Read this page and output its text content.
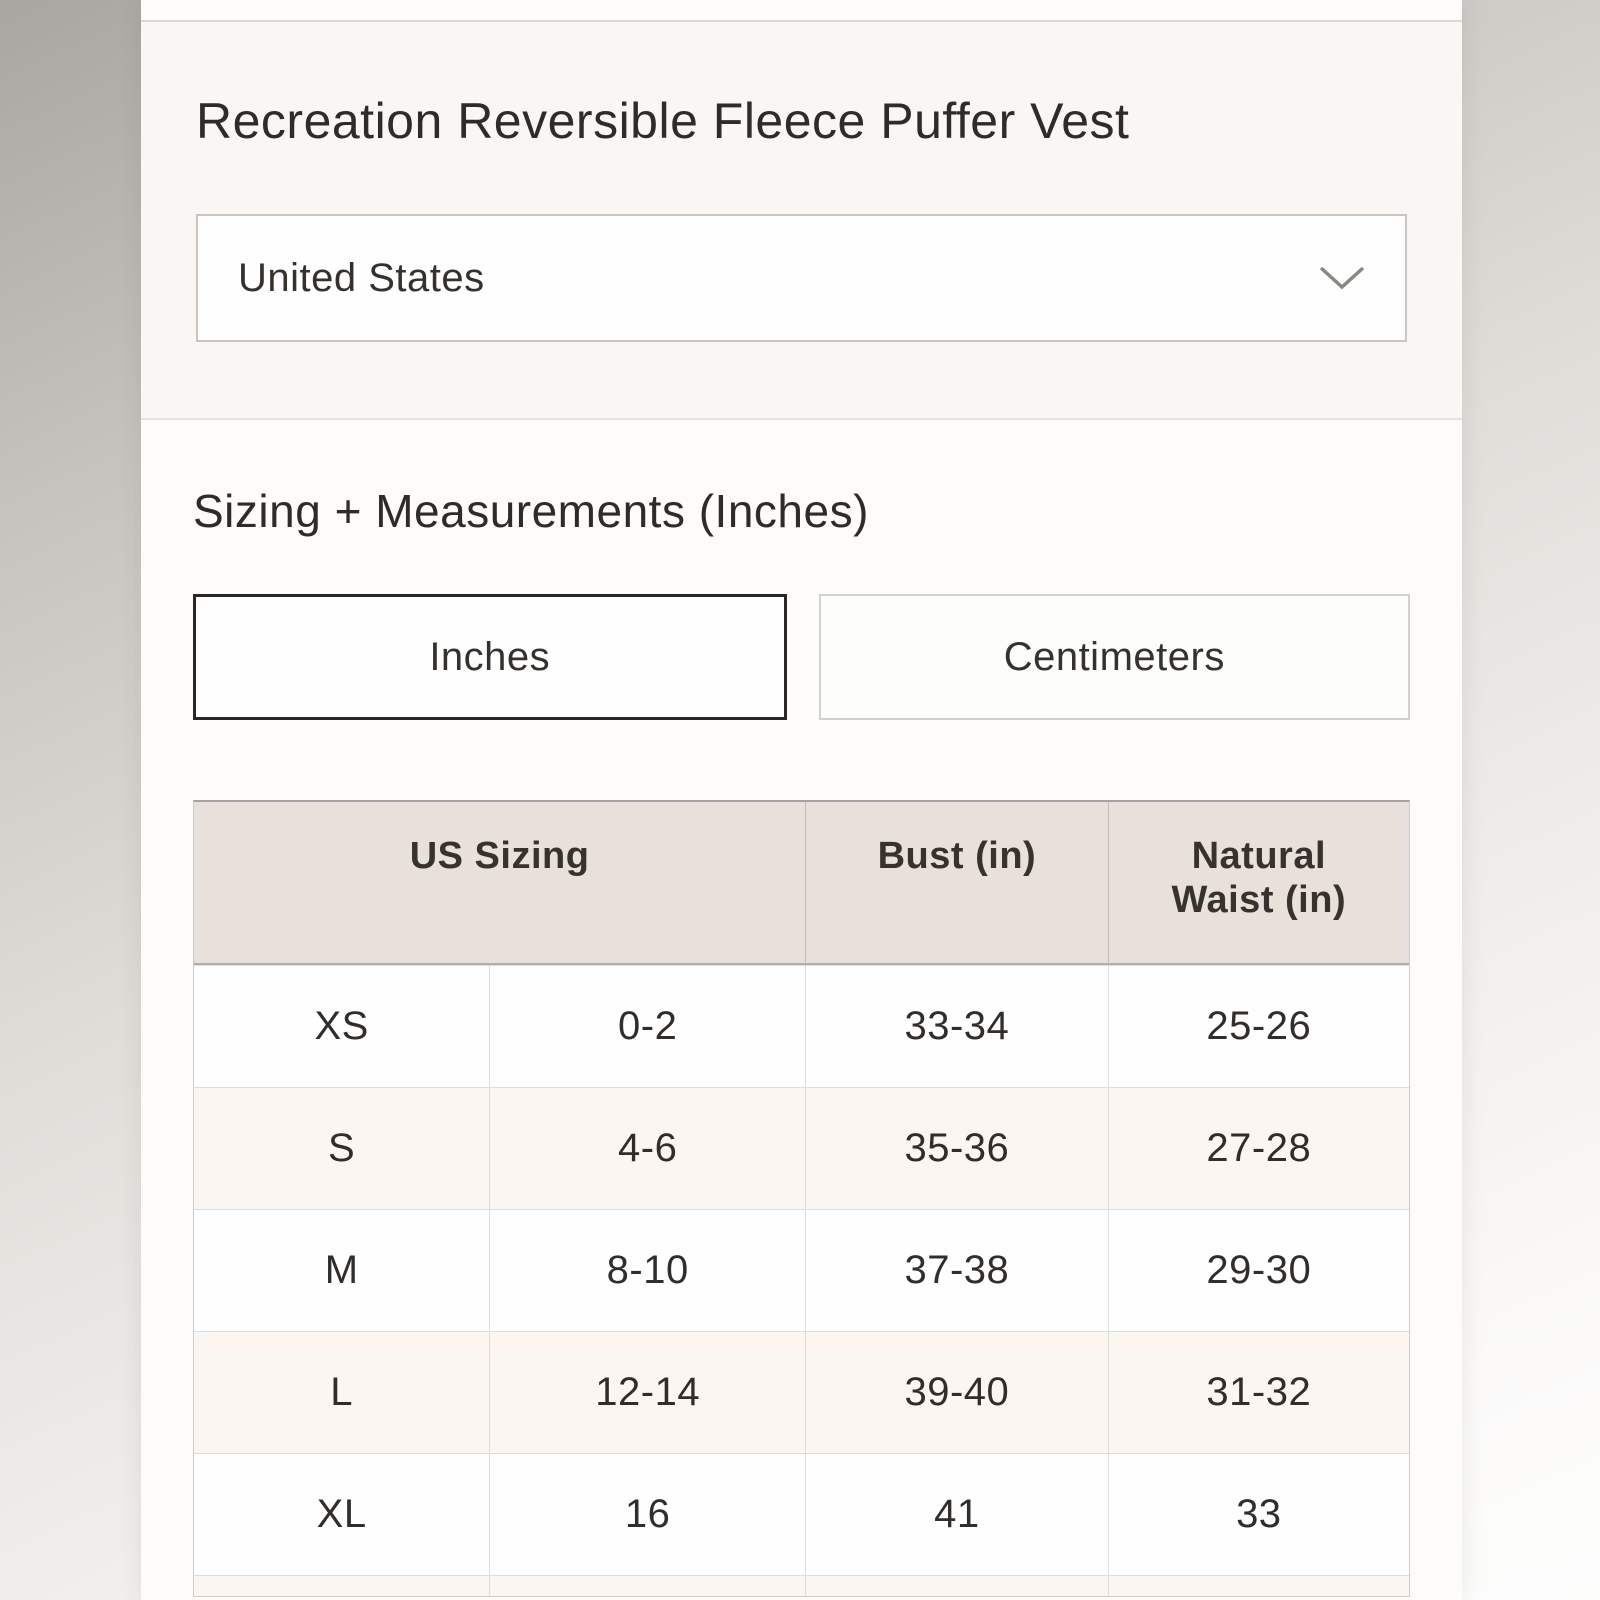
Recreation Reversible Fleece Puffer Vest
United States
Sizing + Measurements (Inches)
Inches	Centimeters
US Sizing	Bust (in)	Natural Waist (in)
XS	0-2	33-34	25-26
S	4-6	35-36	27-28
M	8-10	37-38	29-30
L	12-14	39-40	31-32
XL	16	41	33
